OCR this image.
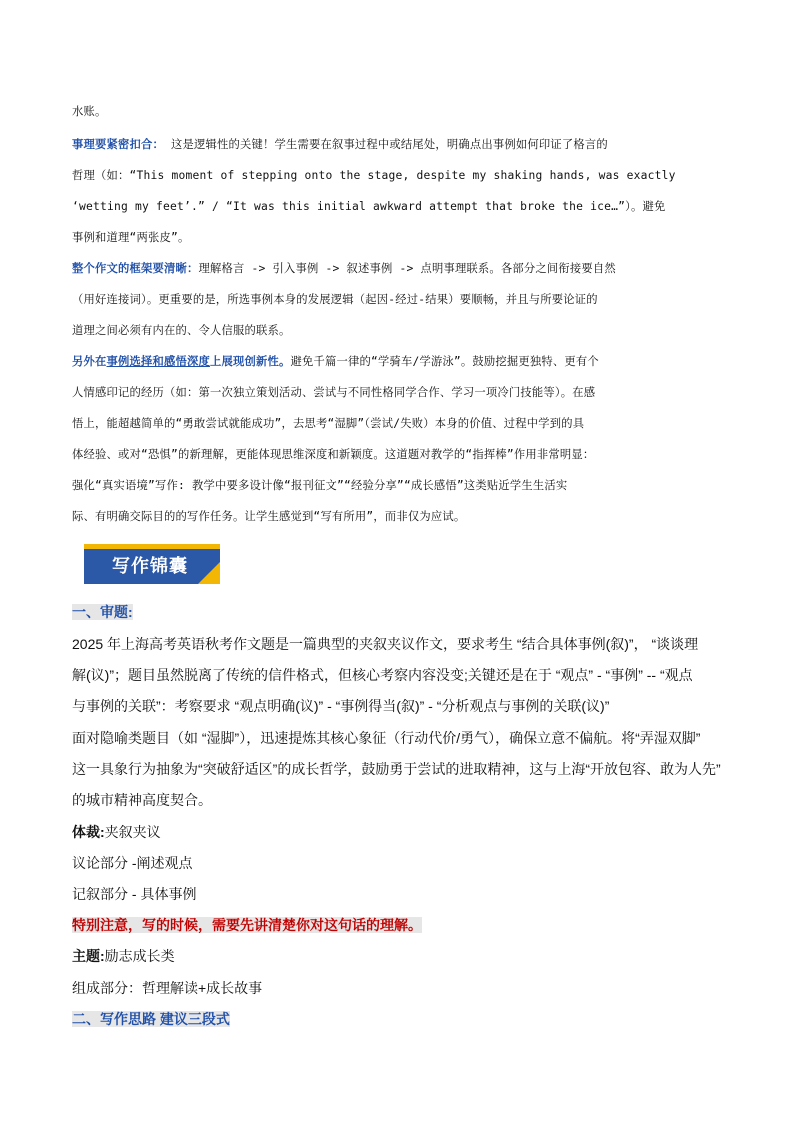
水账。
事理要紧密扣合： 这是逻辑性的关键！学生需要在叙事过程中或结尾处，明确点出事例如何印证了格言的
哲理（如：“This moment of stepping onto the stage, despite my shaking hands, was exactly
‘wetting my feet’.” / “It was this initial awkward attempt that broke the ice…”）。避免
事例和道理“两张皮”。
整个作文的框架要清晰：理解格言 -> 引入事例 -> 叙述事例 -> 点明事理联系。各部分之间衔接要自然
（用好连接词）。更重要的是，所选事例本身的发展逻辑（起因-经过-结果）要顺畅，并且与所要论证的
道理之间必须有内在的、令人信服的联系。
另外在事例选择和感悟深度上展现创新性。避免千篇一律的“学骑车/学游泳”。鼓励挖掘更独特、更有个
人情感印记的经历（如：第一次独立策划活动、尝试与不同性格同学合作、学习一项冷门技能等）。在感
悟上，能超越简单的“勇敢尝试就能成功”，去思考“湿脚”（尝试/失败）本身的价值、过程中学到的具
体经验、或对“恐惧”的新理解，更能体现思维深度和新颖度。这道题对教学的“指挥棒”作用非常明显：
强化“真实语境”写作: 教学中要多设计像“报刊征文”“经验分享”“成长感悟”这类贴近学生生活实
际、有明确交际目的的写作任务。让学生感觉到“写有所用”，而非仅为应试。
写作锦囊
一、审题:
2025 年上海高考英语秋考作文题是一篇典型的夹叙夹议作文，要求考生 “结合具体事例(叙)”， “谈谈理
解(议)”；题目虽然脱离了传统的信件格式，但核心考察内容没变;关键还是在于 “观点” - “事例” -- “观点
与事例的关联”：考察要求 “观点明确(议)” - “事例得当(叙)” - “分析观点与事例的关联(议)”
面对隐喻类题目（如 “湿脚”），迅速提炼其核心象征（行动代价/勇气），确保立意不偏航。将“弄湿双脚”
这一具象行为抽象为“突破舒适区”的成长哲学，鼓励勇于尝试的进取精神，这与上海“开放包容、敢为人先”
的城市精神高度契合。
体裁:夹叙夹议
议论部分 -阐述观点
记叙部分 - 具体事例
特别注意，写的时候，需要先讲清楚你对这句话的理解。
主题:励志成长类
组成部分：哲理解读+成长故事
二、写作思路 建议三段式
